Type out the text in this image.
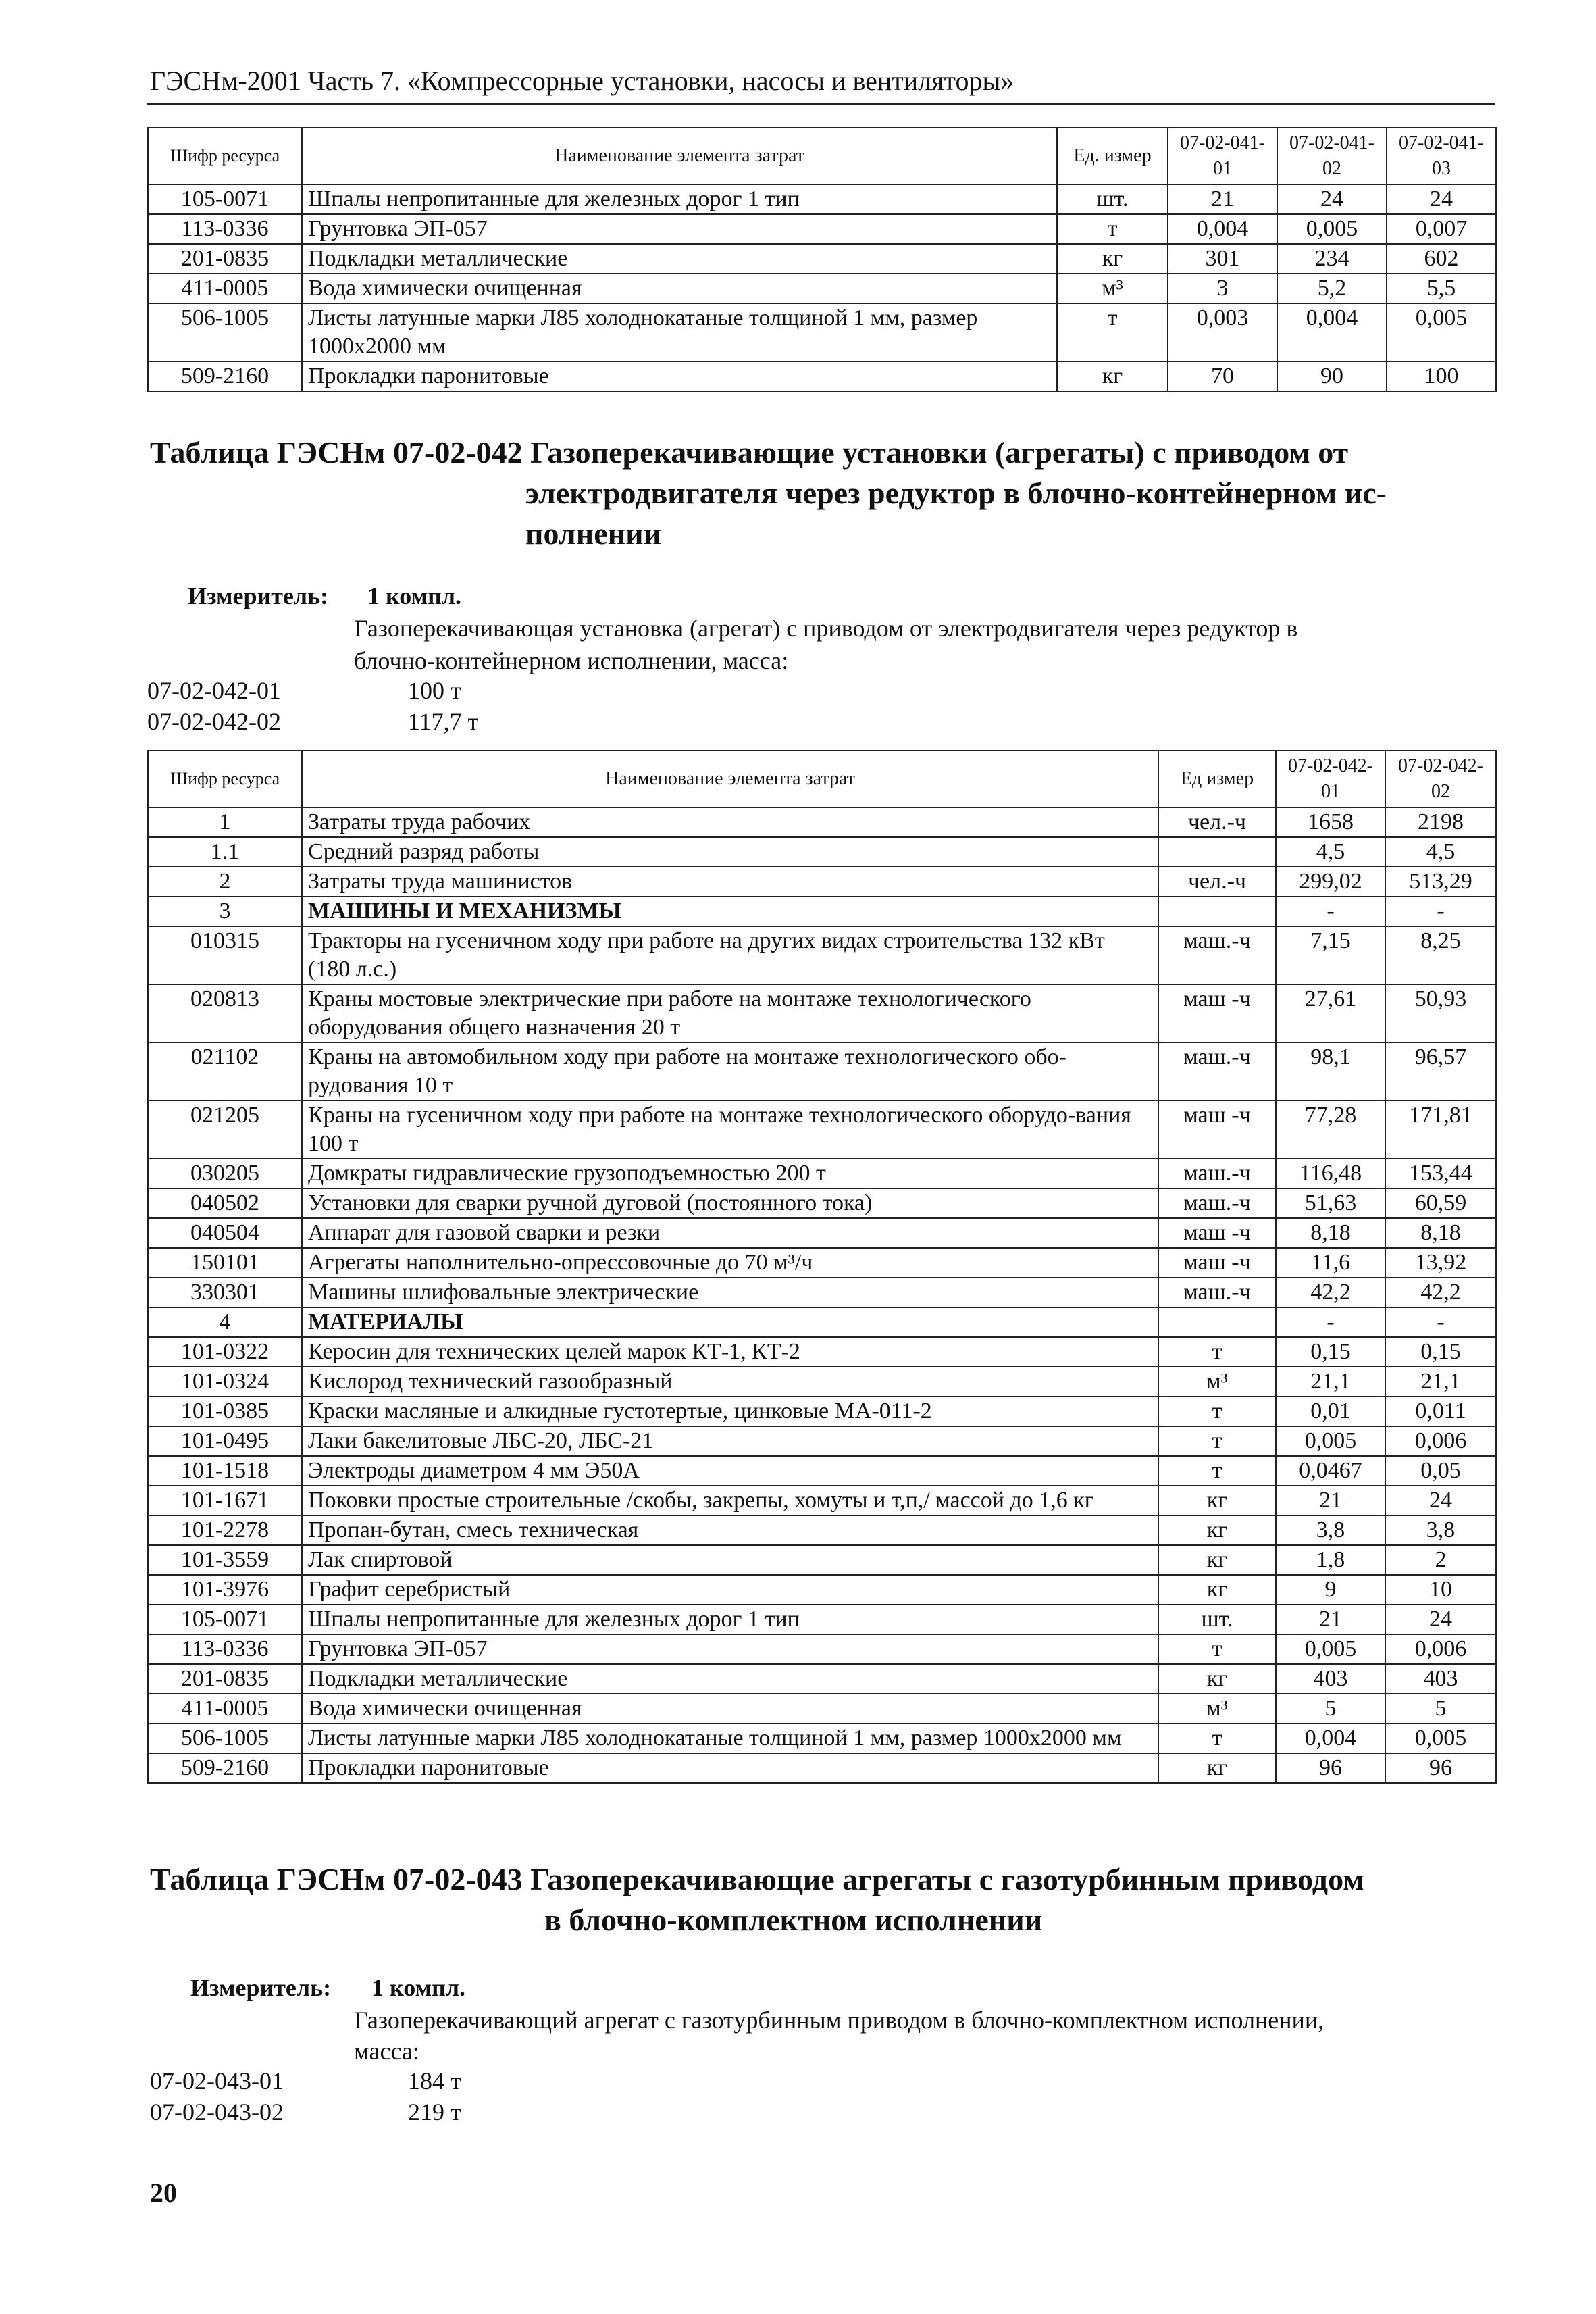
ГЭСНм-2001 Часть 7. «Компрессорные установки, насосы и вентиляторы»
Шифр ресурса	Наименование элемента затрат	Ед. измер	07-02-041-01	07-02-041-02	07-02-041-03
105-0071	Шпалы непропитанные для железных дорог 1 тип	шт.	21	24	24
113-0336	Грунтовка ЭП-057	т	0,004	0,005	0,007
201-0835	Подкладки металлические	кг	301	234	602
411-0005	Вода химически очищенная	м³	3	5,2	5,5
506-1005	Листы латунные марки Л85 холоднокатаные толщиной 1 мм, размер 1000х2000 мм	т	0,003	0,004	0,005
509-2160	Прокладки паронитовые	кг	70	90	100
Таблица ГЭСНм 07-02-042 Газоперекачивающие установки (агрегаты) с приводом от
электродвигателя через редуктор в блочно-контейнерном ис-
полнении
Измеритель: 1 компл.
Газоперекачивающая установка (агрегат) с приводом от электродвигателя через редуктор в
блочно-контейнерном исполнении, масса:
07-02-042-01	100 т
07-02-042-02	117,7 т
Шифр ресурса	Наименование элемента затрат	Ед измер	07-02-042-01	07-02-042-02
1	Затраты труда рабочих	чел.-ч	1658	2198
1.1	Средний разряд работы		4,5	4,5
2	Затраты труда машинистов	чел.-ч	299,02	513,29
3	МАШИНЫ И МЕХАНИЗМЫ		-	-
010315	Тракторы на гусеничном ходу при работе на других видах строительства 132 кВт (180 л.с.)	маш.-ч	7,15	8,25
020813	Краны мостовые электрические при работе на монтаже технологического оборудования общего назначения 20 т	маш -ч	27,61	50,93
021102	Краны на автомобильном ходу при работе на монтаже технологического обо-рудования 10 т	маш.-ч	98,1	96,57
021205	Краны на гусеничном ходу при работе на монтаже технологического оборудо-вания 100 т	маш -ч	77,28	171,81
030205	Домкраты гидравлические грузоподъемностью 200 т	маш.-ч	116,48	153,44
040502	Установки для сварки ручной дуговой (постоянного тока)	маш.-ч	51,63	60,59
040504	Аппарат для газовой сварки и резки	маш -ч	8,18	8,18
150101	Агрегаты наполнительно-опрессовочные до 70 м³/ч	маш -ч	11,6	13,92
330301	Машины шлифовальные электрические	маш.-ч	42,2	42,2
4	МАТЕРИАЛЫ		-	-
101-0322	Керосин для технических целей марок КТ-1, КТ-2	т	0,15	0,15
101-0324	Кислород технический газообразный	м³	21,1	21,1
101-0385	Краски масляные и алкидные густотертые, цинковые МА-011-2	т	0,01	0,011
101-0495	Лаки бакелитовые ЛБС-20, ЛБС-21	т	0,005	0,006
101-1518	Электроды диаметром 4 мм Э50А	т	0,0467	0,05
101-1671	Поковки простые строительные /скобы, закрепы, хомуты и т,п,/ массой до 1,6 кг	кг	21	24
101-2278	Пропан-бутан, смесь техническая	кг	3,8	3,8
101-3559	Лак спиртовой	кг	1,8	2
101-3976	Графит серебристый	кг	9	10
105-0071	Шпалы непропитанные для железных дорог 1 тип	шт.	21	24
113-0336	Грунтовка ЭП-057	т	0,005	0,006
201-0835	Подкладки металлические	кг	403	403
411-0005	Вода химически очищенная	м³	5	5
506-1005	Листы латунные марки Л85 холоднокатаные толщиной 1 мм, размер 1000х2000 мм	т	0,004	0,005
509-2160	Прокладки паронитовые	кг	96	96
Таблица ГЭСНм 07-02-043 Газоперекачивающие агрегаты с газотурбинным приводом
в блочно-комплектном исполнении
Измеритель: 1 компл.
Газоперекачивающий агрегат с газотурбинным приводом в блочно-комплектном исполнении,
масса:
07-02-043-01	184 т
07-02-043-02	219 т
20
